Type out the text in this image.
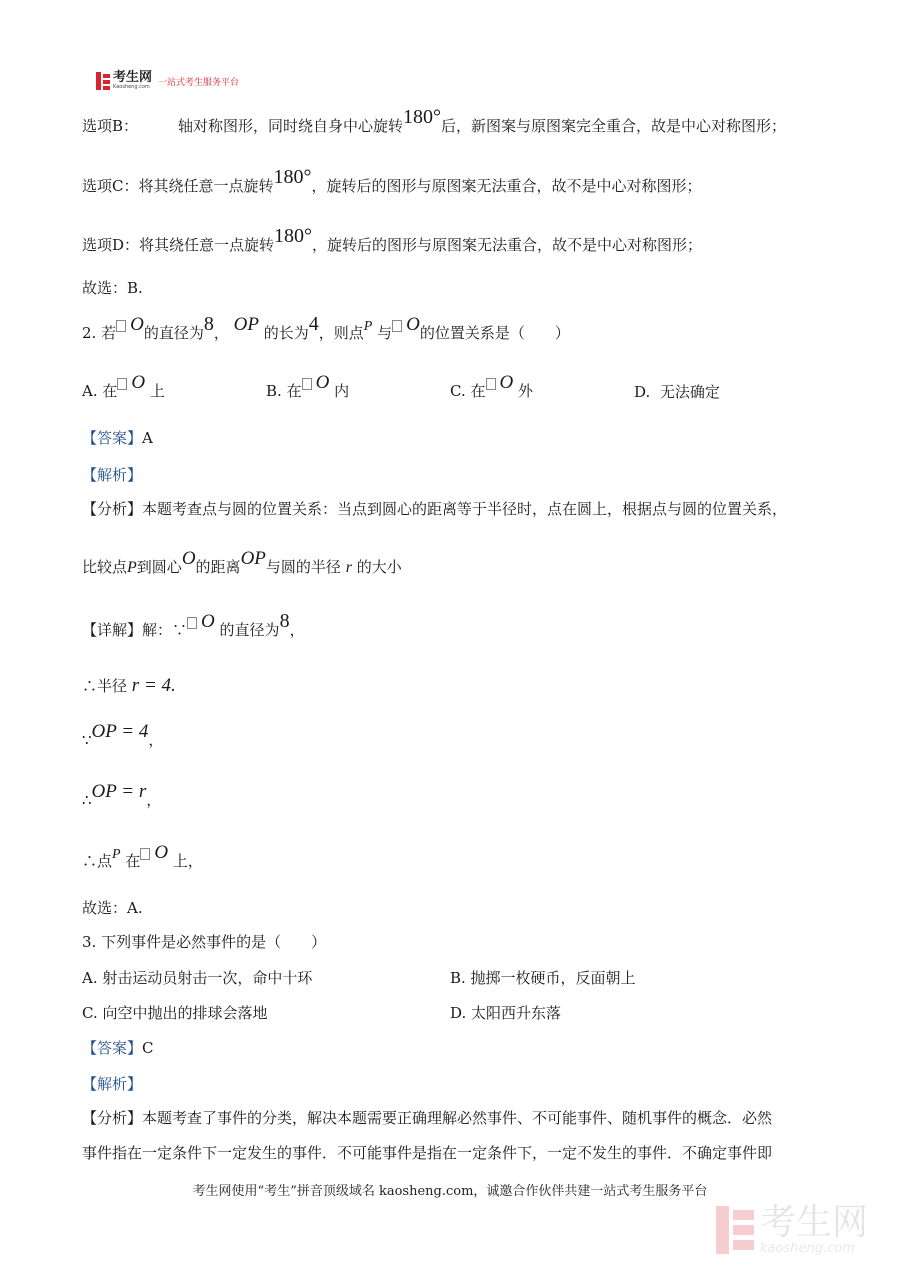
考生网
Kaosheng.com 一站式考生服务平台
选项B：	轴对称图形，同时绕自身中心旋转180°后，新图案与原图案完全重合，故是中心对称图形；
选项C：将其绕任意一点旋转180°，旋转后的图形与原图案无法重合，故不是中心对称图形；
选项D：将其绕任意一点旋转180°，旋转后的图形与原图案无法重合，故不是中心对称图形；
故选：B.
2. 若 O的直径为8， OP 的长为4，则点P 与 O的位置关系是（　　）
A. 在 O 上	B. 在 O 内	C. 在 O 外	D. 无法确定
【答案】A
【解析】
【分析】本题考查点与圆的位置关系：当点到圆心的距离等于半径时，点在圆上，根据点与圆的位置关系，
比较点P到圆心O的距离OP与圆的半径 r 的大小
【详解】解：∵ O 的直径为8，
∴半径 r = 4.
∵OP = 4，
∴OP = r，
∴点P 在 O 上，
故选：A.
3. 下列事件是必然事件的是（　　）
A. 射击运动员射击一次，命中十环	B. 抛掷一枚硬币，反面朝上
C. 向空中抛出的排球会落地	D. 太阳西升东落
【答案】C
【解析】
【分析】本题考查了事件的分类，解决本题需要正确理解必然事件、不可能事件、随机事件的概念．必然
事件指在一定条件下一定发生的事件．不可能事件是指在一定条件下，一定不发生的事件．不确定事件即
考生网使用“考生”拼音顶级域名 kaosheng.com，诚邀合作伙伴共建一站式考生服务平台
考生网
kaosheng.com
